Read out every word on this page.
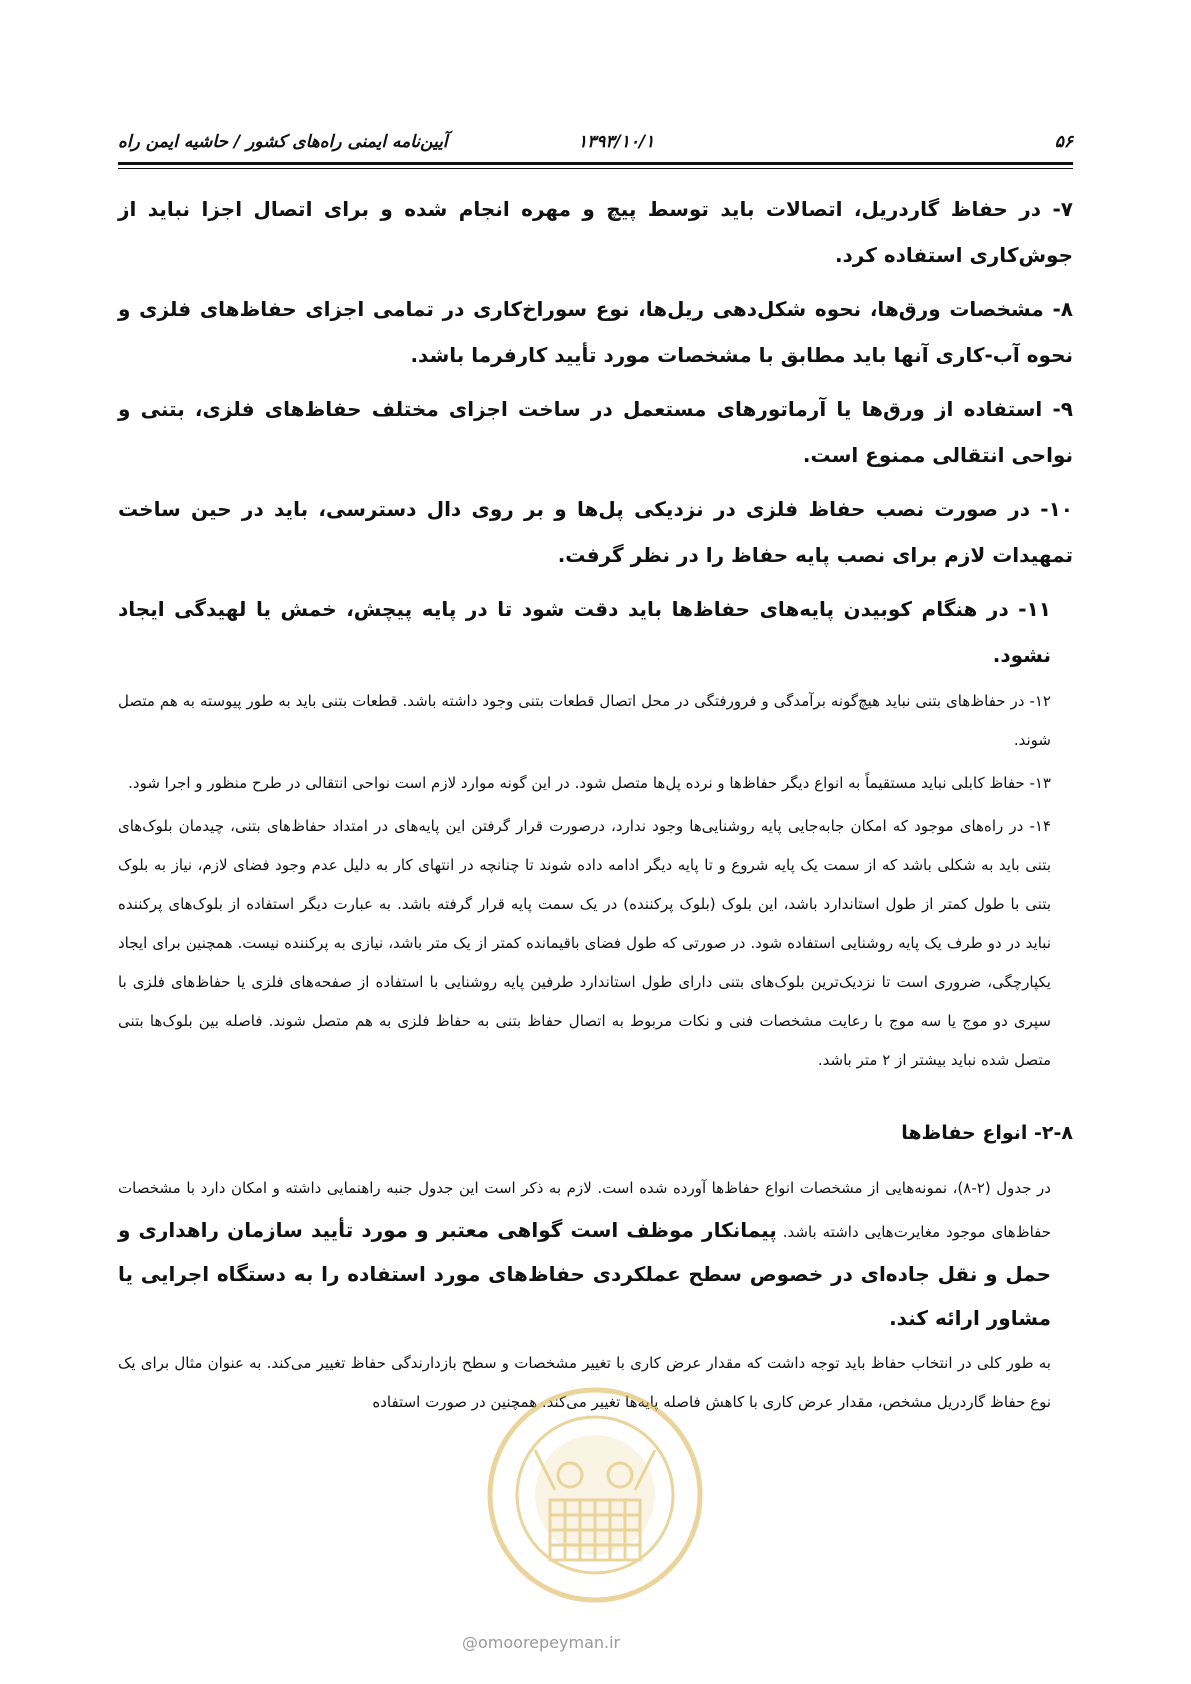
آیین‌نامه ایمنی راه‌های کشور / حاشیه ایمن راه	۱۳۹۳/۱۰/۱	۵۶

۷- در حفاظ گاردریل، اتصالات باید توسط پیچ و مهره انجام شده و برای اتصال اجزا نباید از جوش‌کاری استفاده کرد.

۸- مشخصات ورق‌ها، نحوه شکل‌دهی ریل‌ها، نوع سوراخ‌کاری در تمامی اجزای حفاظ‌های فلزی و نحوه آب-کاری آنها باید مطابق با مشخصات مورد تأیید کارفرما باشد.

۹- استفاده از ورق‌ها یا آرماتورهای مستعمل در ساخت اجزای مختلف حفاظ‌های فلزی، بتنی و نواحی انتقالی ممنوع است.

۱۰- در صورت نصب حفاظ فلزی در نزدیکی پل‌ها و بر روی دال دسترسی، باید در حین ساخت تمهیدات لازم برای نصب پایه حفاظ را در نظر گرفت.

۱۱- در هنگام کوبیدن پایه‌های حفاظ‌ها باید دقت شود تا در پایه پیچش، خمش یا لهیدگی ایجاد نشود.

۱۲- در حفاظ‌های بتنی نباید هیچ‌گونه برآمدگی و فرورفتگی در محل اتصال قطعات بتنی وجود داشته باشد. قطعات بتنی باید به طور پیوسته به هم متصل شوند.

۱۳- حفاظ کابلی نباید مستقیماً به انواع دیگر حفاظ‌ها و نرده پل‌ها متصل شود. در این گونه موارد لازم است نواحی انتقالی در طرح منظور و اجرا شود.

۱۴- در راه‌های موجود که امکان جابه‌جایی پایه روشنایی‌ها وجود ندارد، درصورت قرار گرفتن این پایه‌های در امتداد حفاظ‌های بتنی، چیدمان بلوک‌های بتنی باید به شکلی باشد که از سمت یک پایه شروع و تا پایه دیگر ادامه داده شوند تا چنانچه در انتهای کار به دلیل عدم وجود فضای لازم، نیاز به بلوک بتنی با طول کمتر از طول استاندارد باشد، این بلوک (بلوک پرکننده) در یک سمت پایه قرار گرفته باشد. به عبارت دیگر استفاده از بلوک‌های پرکننده نباید در دو طرف یک پایه روشنایی استفاده شود. در صورتی که طول فضای باقیمانده کمتر از یک متر باشد، نیازی به پرکننده نیست. همچنین برای ایجاد یکپارچگی، ضروری است تا نزدیک‌ترین بلوک‌های بتنی دارای طول استاندارد طرفین پایه روشنایی با استفاده از صفحه‌های فلزی یا حفاظ‌های فلزی با سپری دو موج یا سه موج با رعایت مشخصات فنی و نکات مربوط به اتصال حفاظ بتنی به حفاظ فلزی به هم متصل شوند. فاصله بین بلوک‌ها بتنی متصل شده نباید بیشتر از ۲ متر باشد.

۲-۸- انواع حفاظ‌ها

در جدول (۲-۸)، نمونه‌هایی از مشخصات انواع حفاظ‌ها آورده شده است. لازم به ذکر است این جدول جنبه راهنمایی داشته و امکان دارد با مشخصات حفاظ‌های موجود مغایرت‌هایی داشته باشد. پیمانکار موظف است گواهی معتبر و مورد تأیید سازمان راهداری و حمل و نقل جاده‌ای در خصوص سطح عملکردی حفاظ‌های مورد استفاده را به دستگاه اجرایی یا مشاور ارائه کند.

به طور کلی در انتخاب حفاظ باید توجه داشت که مقدار عرض کاری با تغییر مشخصات و سطح بازدارندگی حفاظ تغییر می‌کند. به عنوان مثال برای یک نوع حفاظ گاردریل مشخص، مقدار عرض کاری با کاهش فاصله پایه‌ها تغییر می‌کند. همچنین در صورت استفاده

@omoorepeyman.ir
